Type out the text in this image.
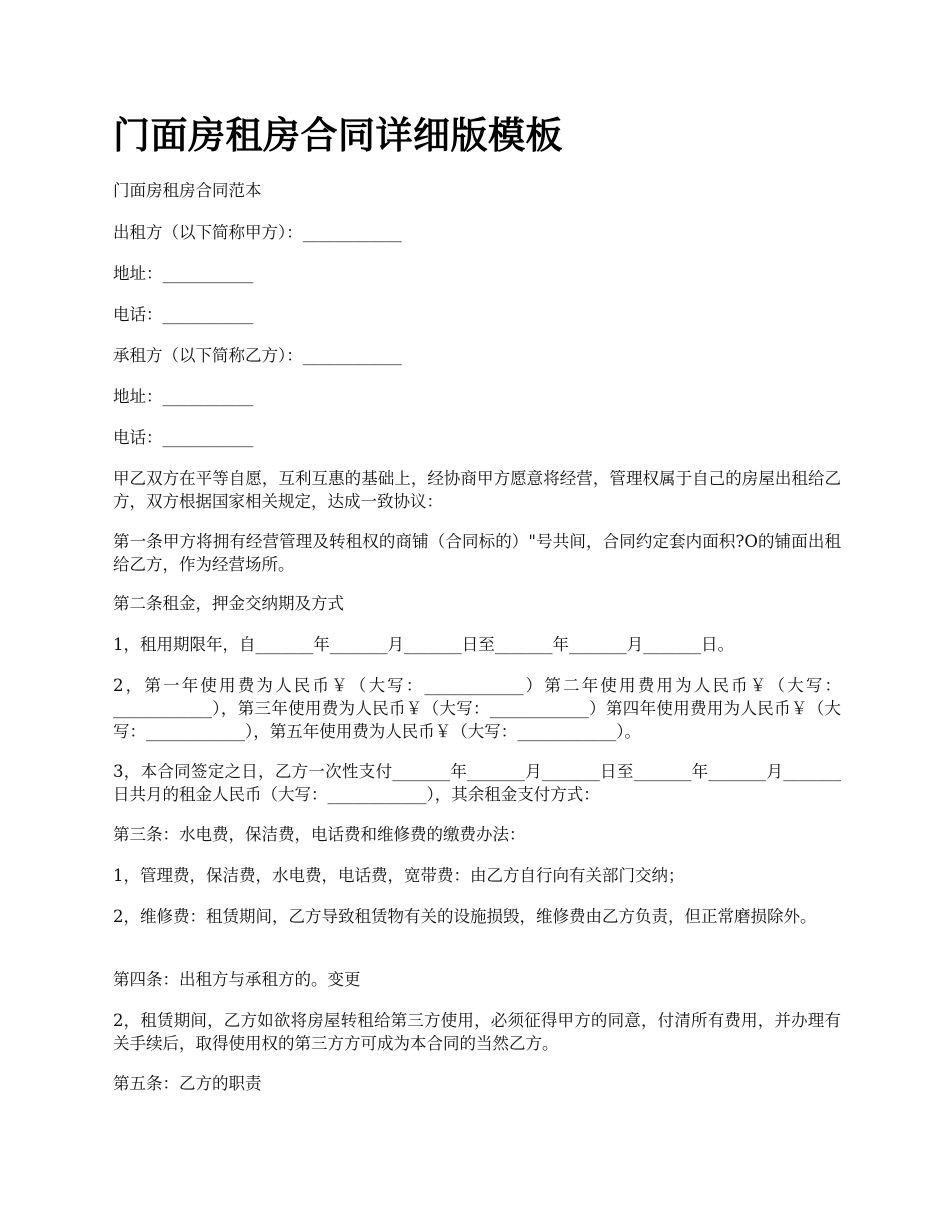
门面房租房合同详细版模板

门面房租房合同范本

出租方（以下简称甲方）：____________

地址：___________

电话：___________

承租方（以下简称乙方）：____________

地址：___________

电话：___________

甲乙双方在平等自愿，互利互惠的基础上，经协商甲方愿意将经营，管理权属于自己的房屋出租给乙方，双方根据国家相关规定，达成一致协议：

第一条甲方将拥有经营管理及转租权的商铺（合同标的）"号共间，合同约定套内面积?O的铺面出租给乙方，作为经营场所。

第二条租金，押金交纳期及方式

1，租用期限年，自_______年_______月_______日至_______年_______月_______日。

2，第一年使用费为人民币￥（大写：____________）第二年使用费用为人民币￥（大写：____________），第三年使用费为人民币￥（大写：____________）第四年使用费用为人民币￥（大写：____________），第五年使用费为人民币￥（大写：____________）。

3，本合同签定之日，乙方一次性支付_______年_______月_______日至_______年_______月_______日共月的租金人民币（大写：____________），其余租金支付方式：

第三条：水电费，保洁费，电话费和维修费的缴费办法：

1，管理费，保洁费，水电费，电话费，宽带费：由乙方自行向有关部门交纳；

2，维修费：租赁期间，乙方导致租赁物有关的设施损毁，维修费由乙方负责，但正常磨损除外。

第四条：出租方与承租方的。变更

2，租赁期间，乙方如欲将房屋转租给第三方使用，必须征得甲方的同意，付清所有费用，并办理有关手续后，取得使用权的第三方方可成为本合同的当然乙方。

第五条：乙方的职责
